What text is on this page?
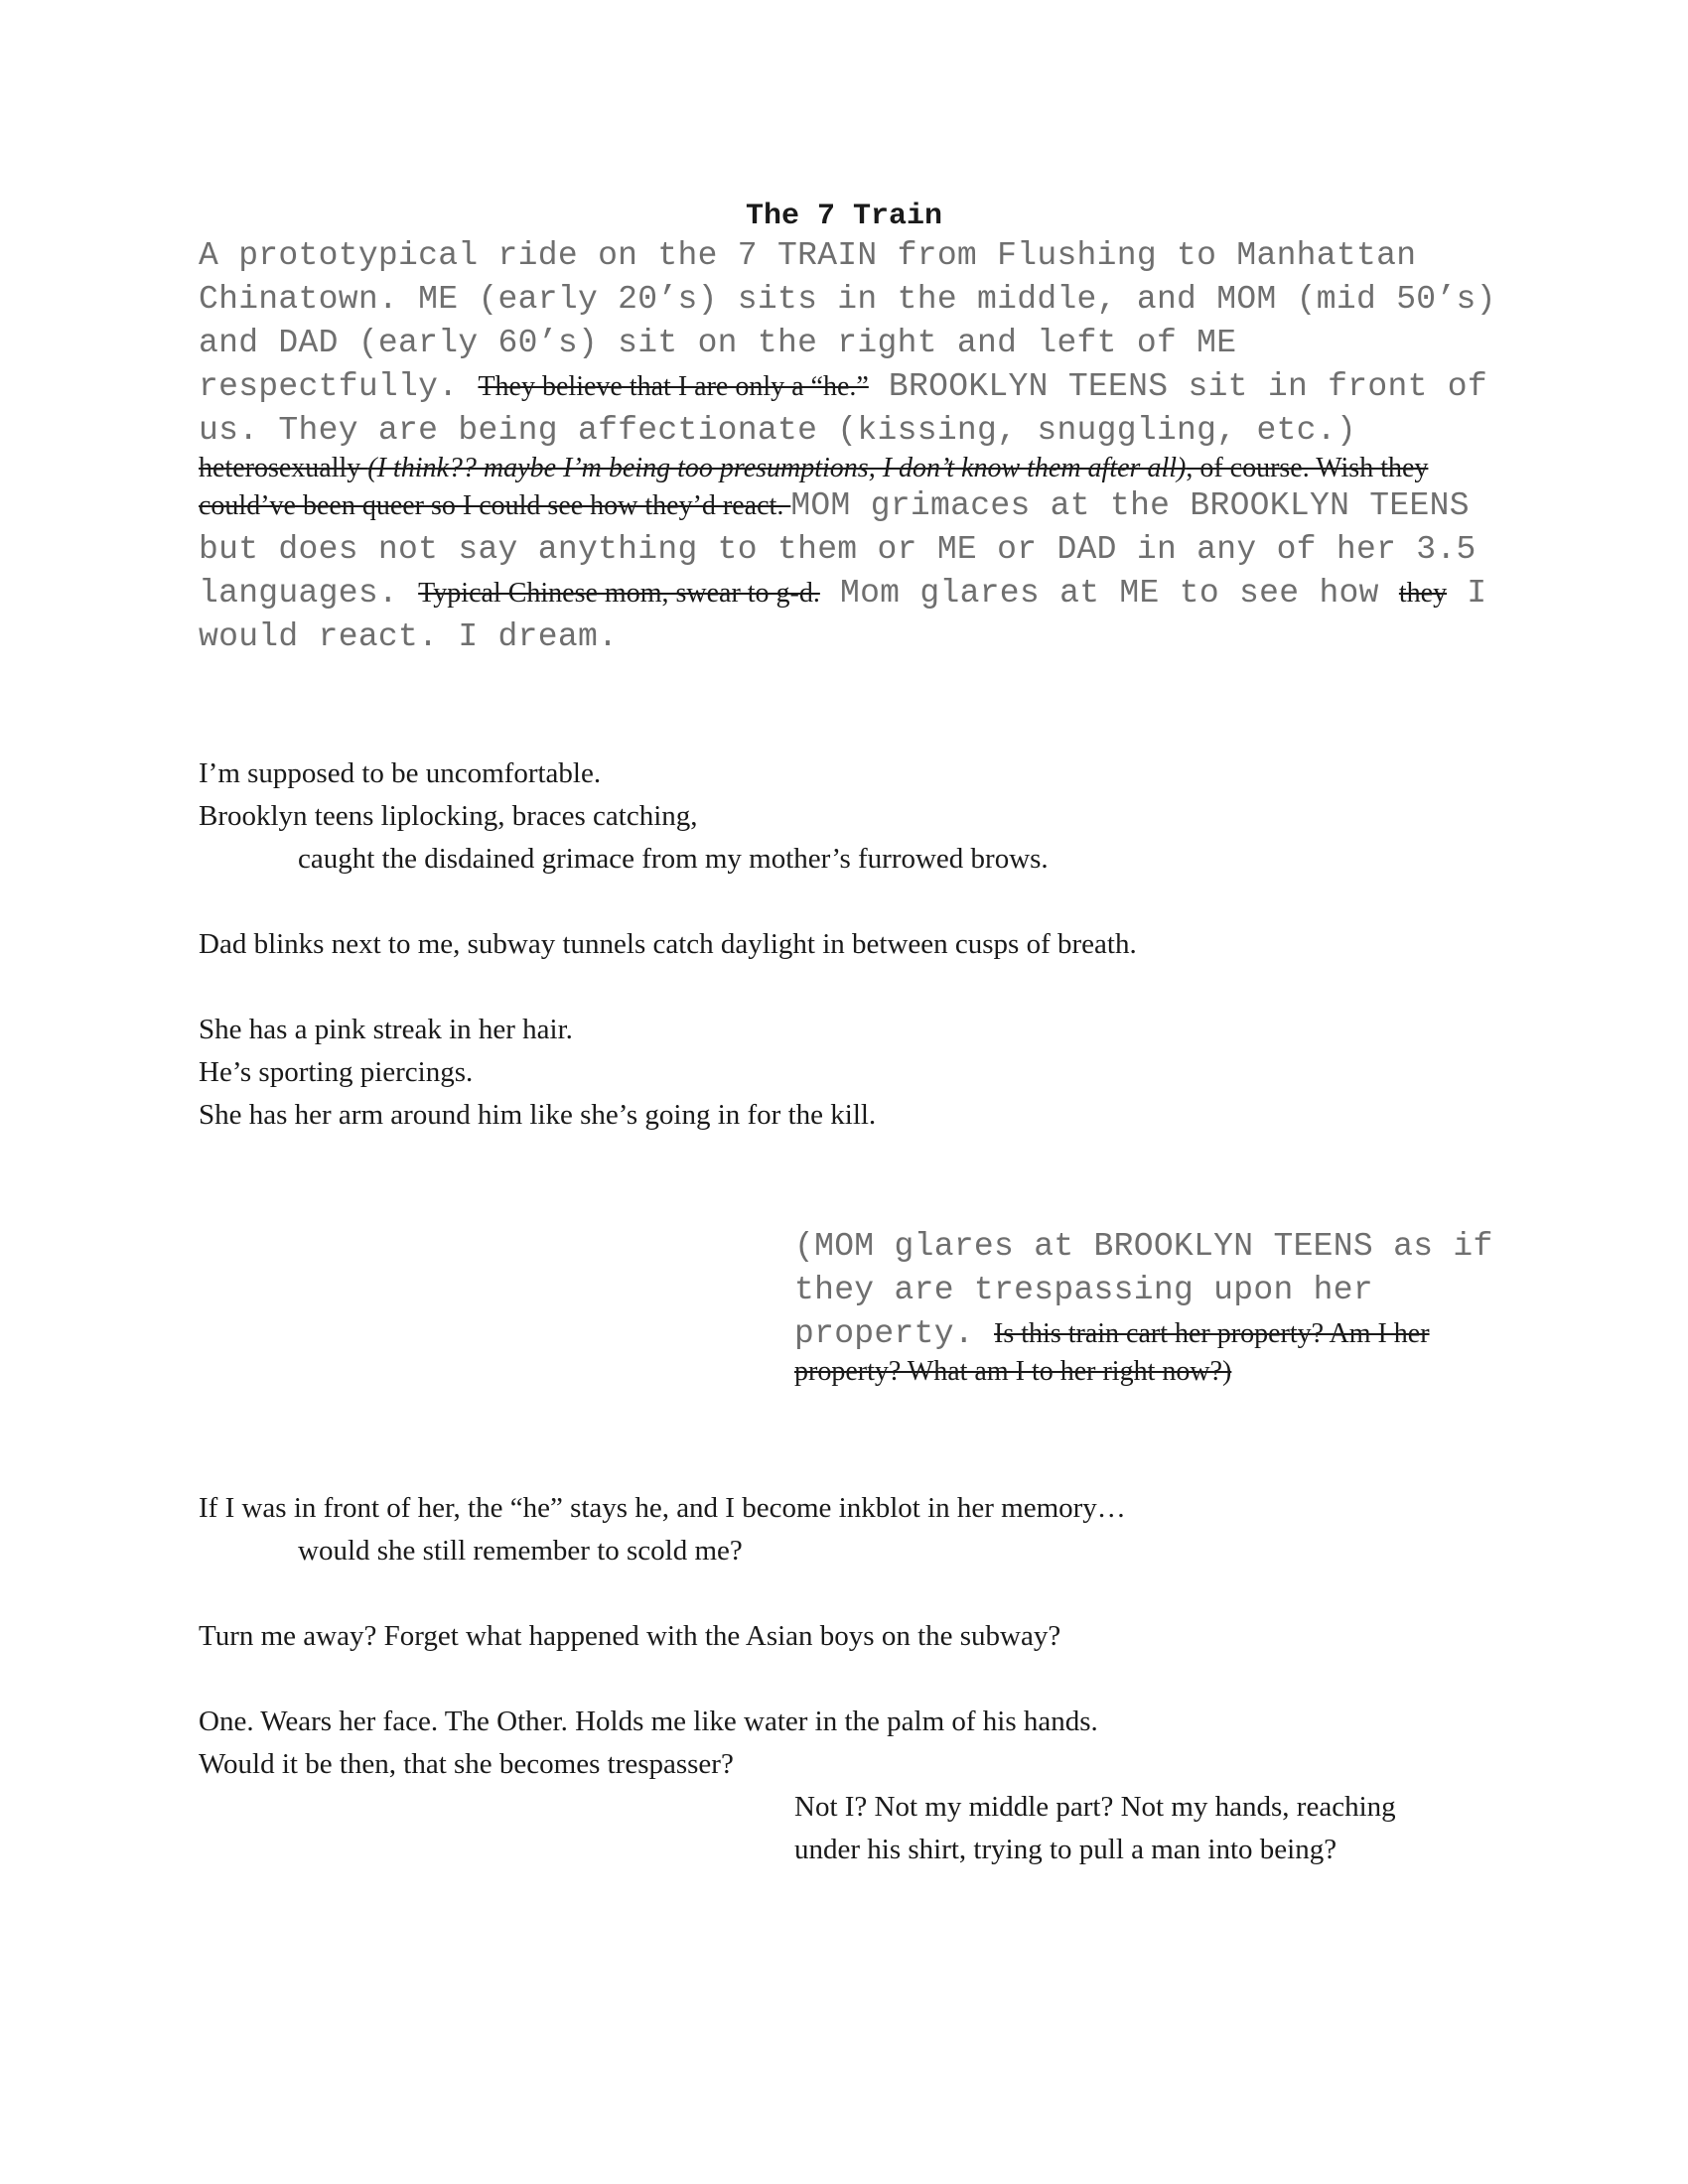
The 7 Train

A prototypical ride on the 7 TRAIN from Flushing to Manhattan Chinatown. ME (early 20’s) sits in the middle, and MOM (mid 50’s) and DAD (early 60’s) sit on the right and left of ME respectfully. They believe that I are only a “he.” BROOKLYN TEENS sit in front of us. They are being affectionate (kissing, snuggling, etc.) heterosexually (I think?? maybe I’m being too presumptions, I don’t know them after all), of course. Wish they could’ve been queer so I could see how they’d react. MOM grimaces at the BROOKLYN TEENS but does not say anything to them or ME or DAD in any of her 3.5 languages. Typical Chinese mom, swear to g-d. Mom glares at ME to see how they I would react. I dream.

I’m supposed to be uncomfortable.
Brooklyn teens liplocking, braces catching,
caught the disdained grimace from my mother’s furrowed brows.
Dad blinks next to me, subway tunnels catch daylight in between cusps of breath.
She has a pink streak in her hair.
He’s sporting piercings.
She has her arm around him like she’s going in for the kill.

(MOM glares at BROOKLYN TEENS as if they are trespassing upon her property. Is this train cart her property? Am I her property? What am I to her right now?)

If I was in front of her, the “he” stays he, and I become inkblot in her memory…
would she still remember to scold me?
Turn me away? Forget what happened with the Asian boys on the subway?
One. Wears her face. The Other. Holds me like water in the palm of his hands.
Would it be then, that she becomes trespasser?
Not I? Not my middle part? Not my hands, reaching
under his shirt, trying to pull a man into being?
